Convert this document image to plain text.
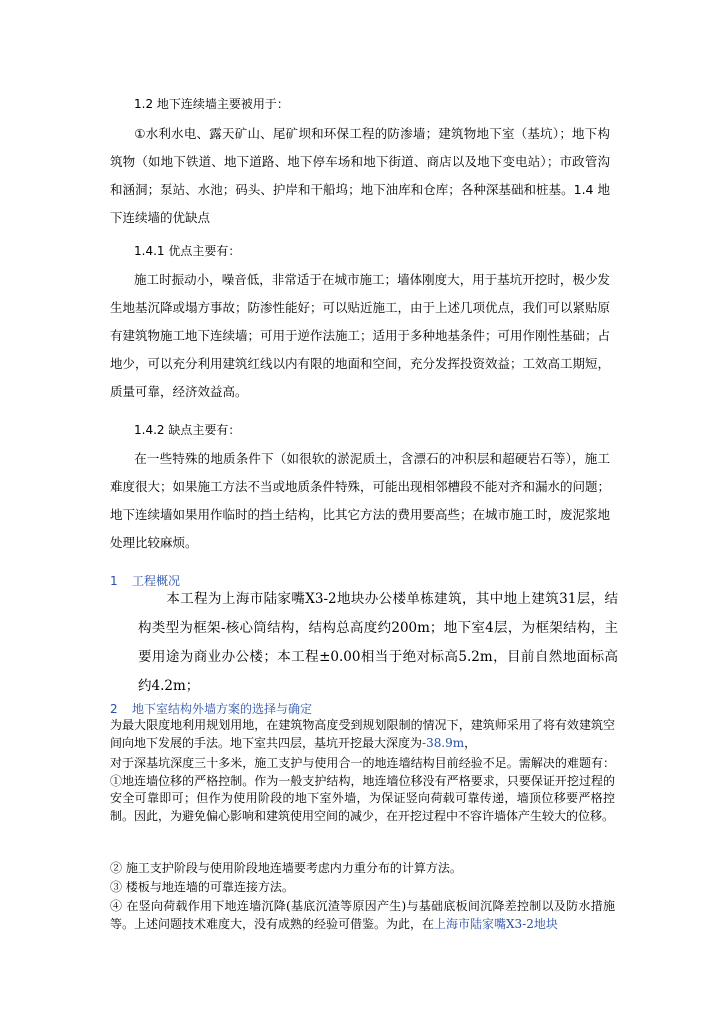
1.2 地下连续墙主要被用于：

①水利水电、露天矿山、尾矿坝和环保工程的防渗墙；建筑物地下室（基坑）；地下构筑物（如地下铁道、地下道路、地下停车场和地下街道、商店以及地下变电站）；市政管沟和涵洞；泵站、水池；码头、护岸和干船坞；地下油库和仓库；各种深基础和桩基。1.4 地下连续墙的优缺点

1.4.1 优点主要有：

施工时振动小，噪音低，非常适于在城市施工；墙体刚度大，用于基坑开挖时，极少发生地基沉降或塌方事故；防渗性能好；可以贴近施工，由于上述几项优点，我们可以紧贴原有建筑物施工地下连续墙；可用于逆作法施工；适用于多种地基条件；可用作刚性基础；占地少，可以充分利用建筑红线以内有限的地面和空间，充分发挥投资效益；工效高工期短，质量可靠，经济效益高。

1.4.2 缺点主要有：

在一些特殊的地质条件下（如很软的淤泥质土，含漂石的冲积层和超硬岩石等），施工难度很大；如果施工方法不当或地质条件特殊，可能出现相邻槽段不能对齐和漏水的问题；地下连续墙如果用作临时的挡土结构，比其它方法的费用要高些；在城市施工时，废泥浆地处理比较麻烦。

1 工程概况

本工程为上海市陆家嘴X3-2地块办公楼单栋建筑，其中地上建筑31层，结构类型为框架-核心筒结构，结构总高度约200m；地下室4层，为框架结构，主要用途为商业办公楼；本工程±0.00相当于绝对标高5.2m，目前自然地面标高约4.2m；

2 地下室结构外墙方案的选择与确定

为最大限度地利用规划用地，在建筑物高度受到规划限制的情况下，建筑师采用了将有效建筑空间向地下发展的手法。地下室共四层，基坑开挖最大深度为-38.9m，

对于深基坑深度三十多米，施工支护与使用合一的地连墙结构目前经验不足。需解决的难题有：①地连墙位移的严格控制。作为一般支护结构，地连墙位移没有严格要求，只要保证开挖过程的安全可靠即可；但作为使用阶段的地下室外墙，为保证竖向荷载可靠传递，墙顶位移要严格控制。因此，为避免偏心影响和建筑使用空间的减少，在开挖过程中不容许墙体产生较大的位移。

② 施工支护阶段与使用阶段地连墙要考虑内力重分布的计算方法。
③ 楼板与地连墙的可靠连接方法。

④ 在竖向荷载作用下地连墙沉降(基底沉渣等原因产生)与基础底板间沉降差控制以及防水措施等。上述问题技术难度大，没有成熟的经验可借鉴。为此，在上海市陆家嘴X3-2地块
